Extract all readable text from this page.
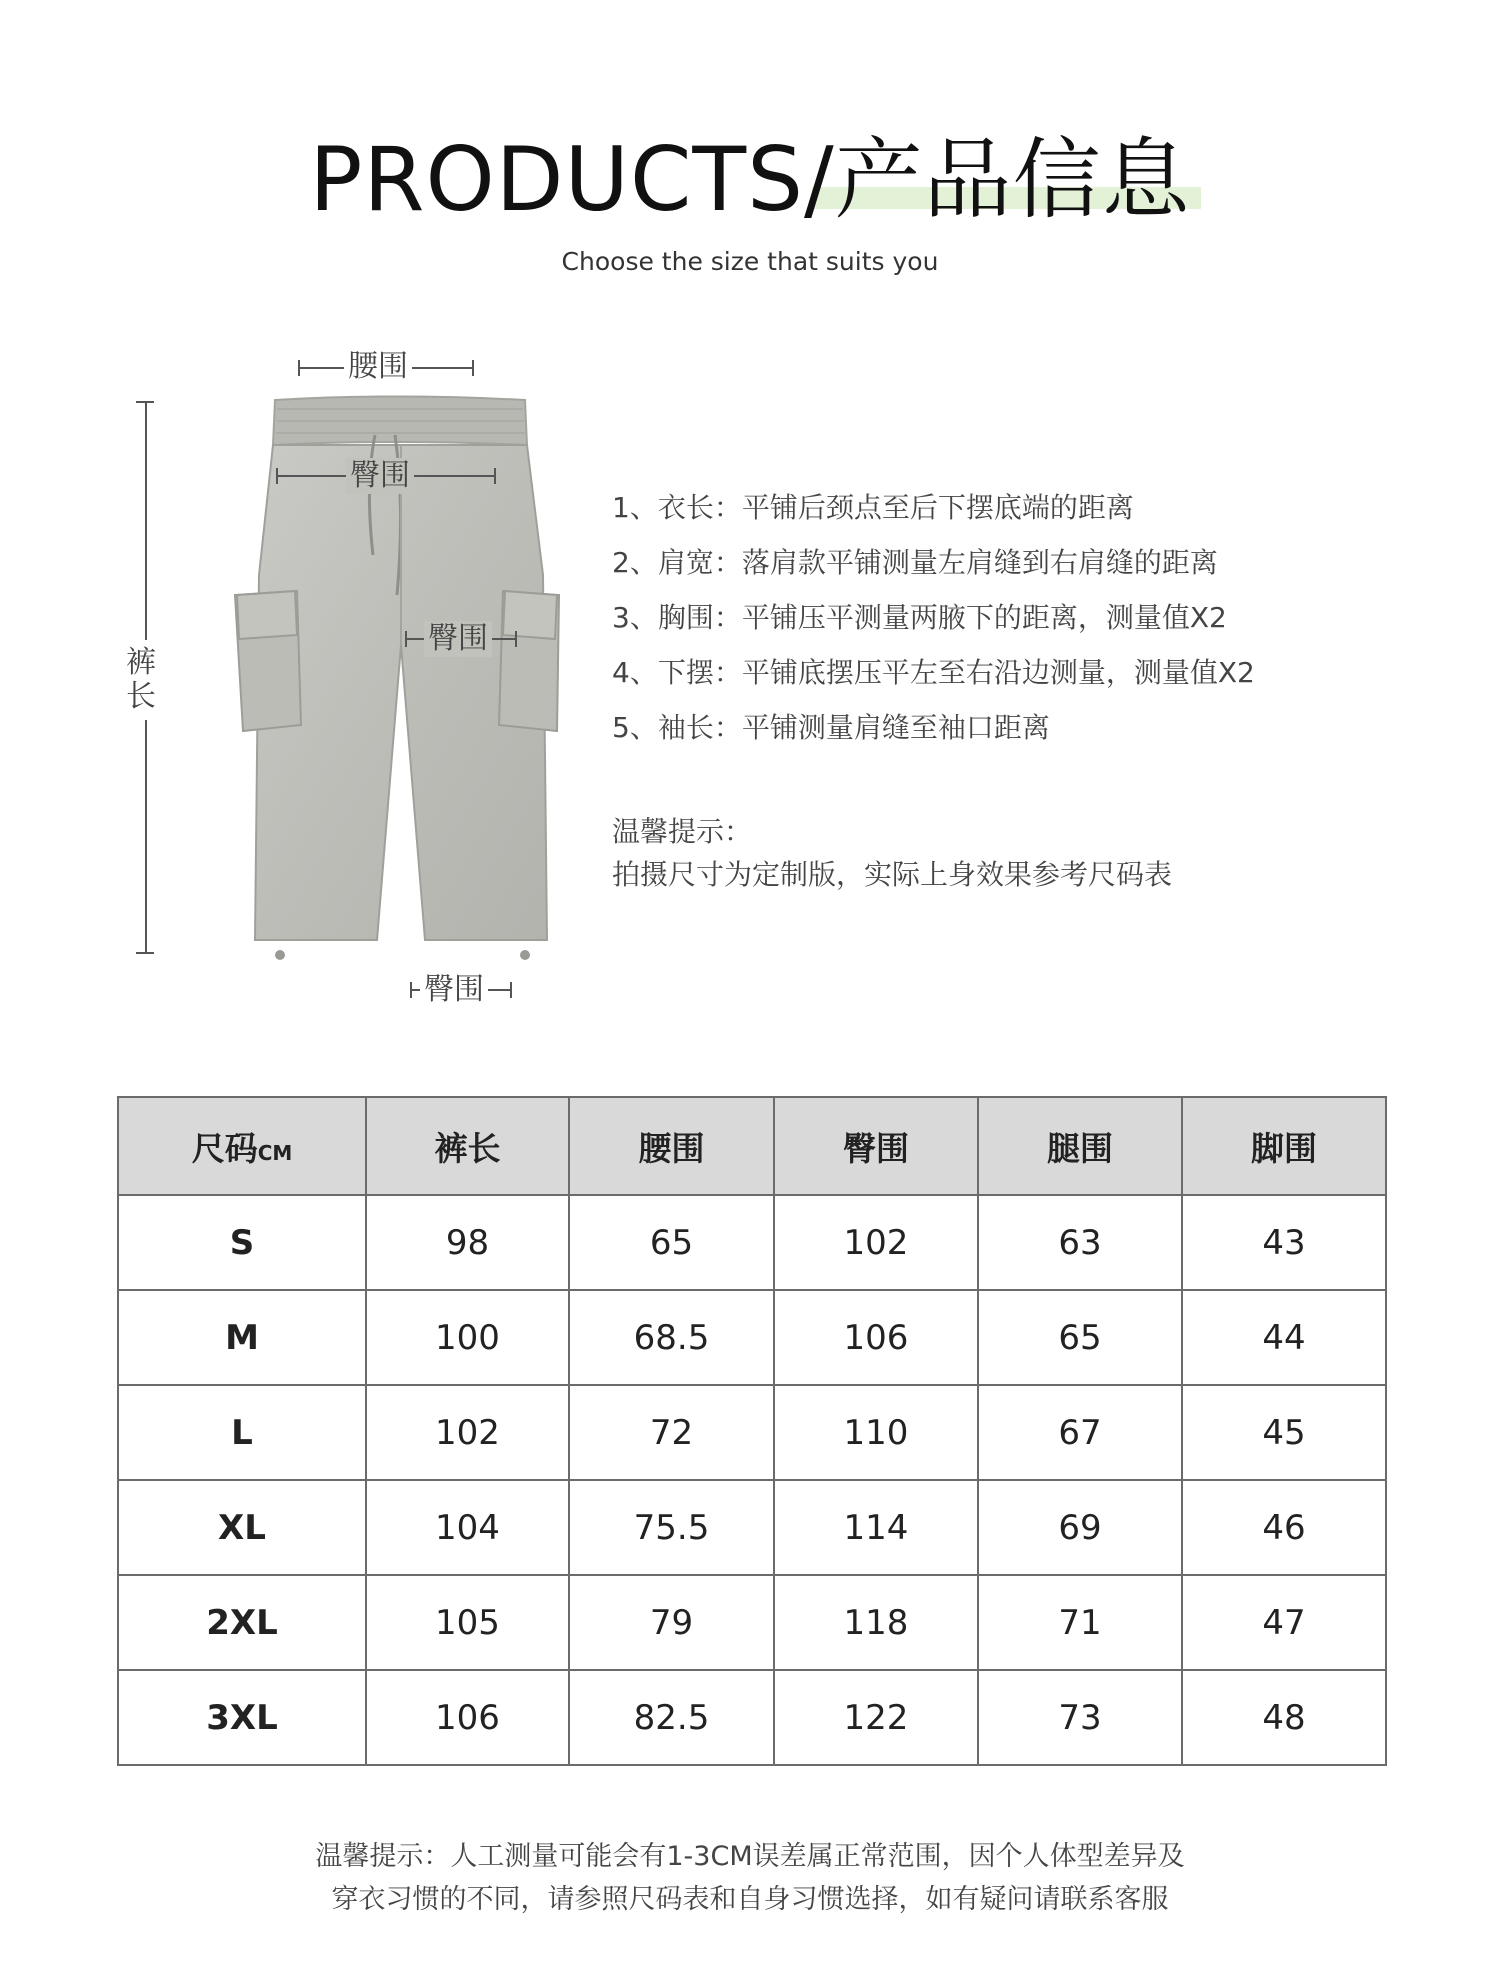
PRODUCTS/产品信息
Choose the size that suits you
腰围
裤长
臀围
臀围
臀围
1、衣长：平铺后颈点至后下摆底端的距离
2、肩宽：落肩款平铺测量左肩缝到右肩缝的距离
3、胸围：平铺压平测量两腋下的距离，测量值X2
4、下摆：平铺底摆压平左至右沿边测量，测量值X2
5、袖长：平铺测量肩缝至袖口距离
温馨提示：
拍摄尺寸为定制版，实际上身效果参考尺码表
尺码CM	裤长	腰围	臀围	腿围	脚围
S	98	65	102	63	43
M	100	68.5	106	65	44
L	102	72	110	67	45
XL	104	75.5	114	69	46
2XL	105	79	118	71	47
3XL	106	82.5	122	73	48
温馨提示：人工测量可能会有1-3CM误差属正常范围，因个人体型差异及
穿衣习惯的不同，请参照尺码表和自身习惯选择，如有疑问请联系客服
